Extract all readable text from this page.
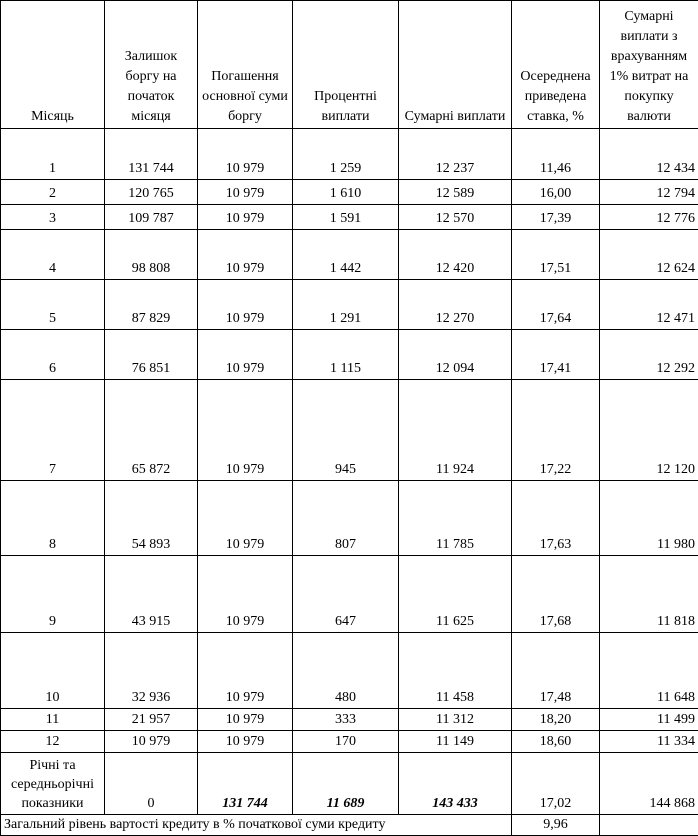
Місяць	Залишок боргу на початок місяця	Погашення основної суми боргу	Процентні виплати	Сумарні виплати	Осереднена приведена ставка, %	Сумарні виплати з врахуванням 1% витрат на покупку валюти
1	131 744	10 979	1 259	12 237	11,46	12 434
2	120 765	10 979	1 610	12 589	16,00	12 794
3	109 787	10 979	1 591	12 570	17,39	12 776
4	98 808	10 979	1 442	12 420	17,51	12 624
5	87 829	10 979	1 291	12 270	17,64	12 471
6	76 851	10 979	1 115	12 094	17,41	12 292
7	65 872	10 979	945	11 924	17,22	12 120
8	54 893	10 979	807	11 785	17,63	11 980
9	43 915	10 979	647	11 625	17,68	11 818
10	32 936	10 979	480	11 458	17,48	11 648
11	21 957	10 979	333	11 312	18,20	11 499
12	10 979	10 979	170	11 149	18,60	11 334
Річні та середньорічні показники	0	131 744	11 689	143 433	17,02	144 868
Загальний рівень вартості кредиту в % початкової суми кредиту					9,96	
